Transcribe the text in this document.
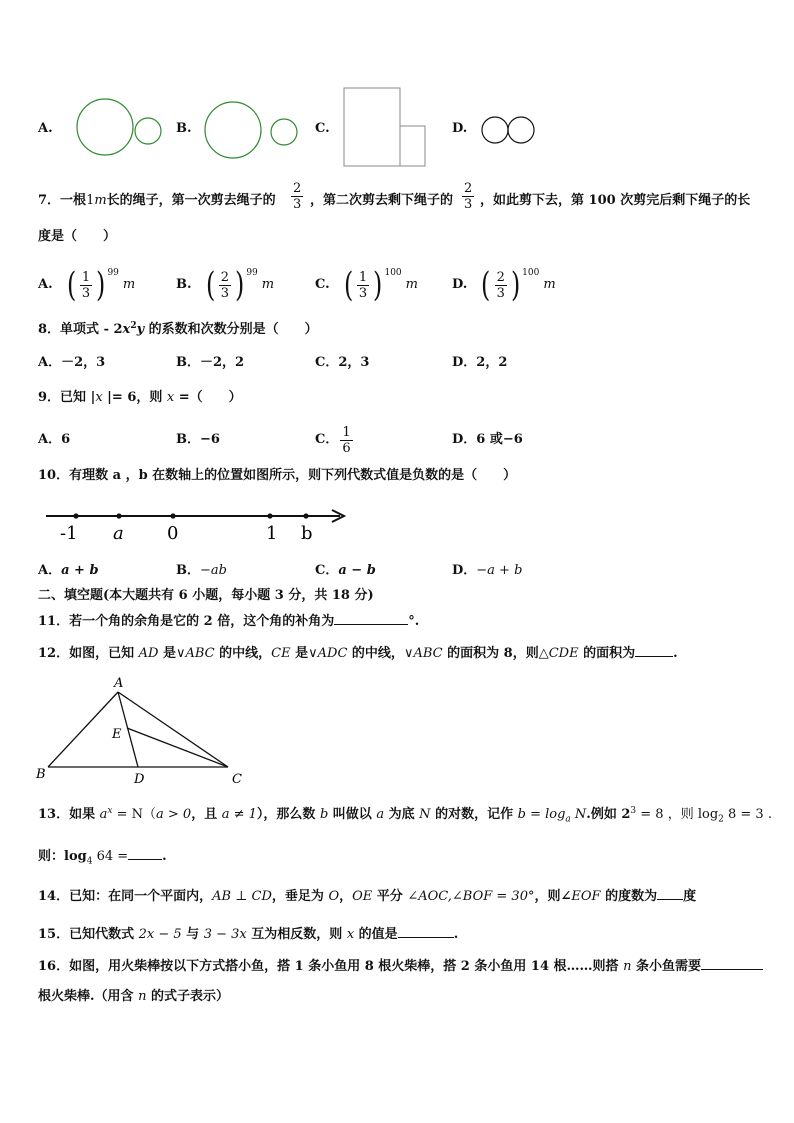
A.	B.	C.	D.
7．一根1m长的绳子，第一次剪去绳子的 $\frac{2}{3}$ ，第二次剪去剩下绳子的 $\frac{2}{3}$ ，如此剪下去，第 100 次剪完后剩下绳子的长
度是（　　）
A. ( $\frac{1}{3}$ ) 99
m	B. ( $\frac{2}{3}$ ) 99
m	C. ( $\frac{1}{3}$ ) 100
m	D. ( $\frac{2}{3}$ ) 100
m
8．单项式 - $2x^2y$ 的系数和次数分别是（　　）
A．－2，3	B．－2，2	C．2，3	D．2，2
9．已知 |x |= 6，则 x =（　　）
A．6	B．−6	C． $\frac{1}{6}$	D．6 或−6
10．有理数 a ，b 在数轴上的位置如图所示，则下列代数式值是负数的是（　　）
-1 a 0	1 b
A．a + b	B．−ab	C．a − b	D．−a + b
二、填空题(本大题共有 6 小题，每小题 3 分，共 18 分)
11．若一个角的余角是它的 2 倍，这个角的补角为	°.
12．如图，已知 AD 是∨ABC 的中线，CE 是∨ADC 的中线，∨ABC 的面积为 8，则△CDE 的面积为	.
A
B	C
D
E
13．如果 $a^x = N(a > 0$，且 a ≠ 1），那么数 b 叫做以 a 为底 N 的对数，记作 $b = \log_a N$.例如 $2^3 = 8$ ，则 $\log_2 8 = 3$ .
则：$\log_4 64$ =	.
14．已知：在同一个平面内，AB ⊥ CD，垂足为 O，OE 平分 ∠AOC,∠BOF = 30°，则∠EOF 的度数为 度
15．已知代数式 2x − 5 与 3 − 3x 互为相反数，则 x 的值是	.
16．如图，用火柴棒按以下方式搭小鱼，搭 1 条小鱼用 8 根火柴棒，搭 2 条小鱼用 14 根……则搭 n 条小鱼需要
根火柴棒.（用含 n 的式子表示）
